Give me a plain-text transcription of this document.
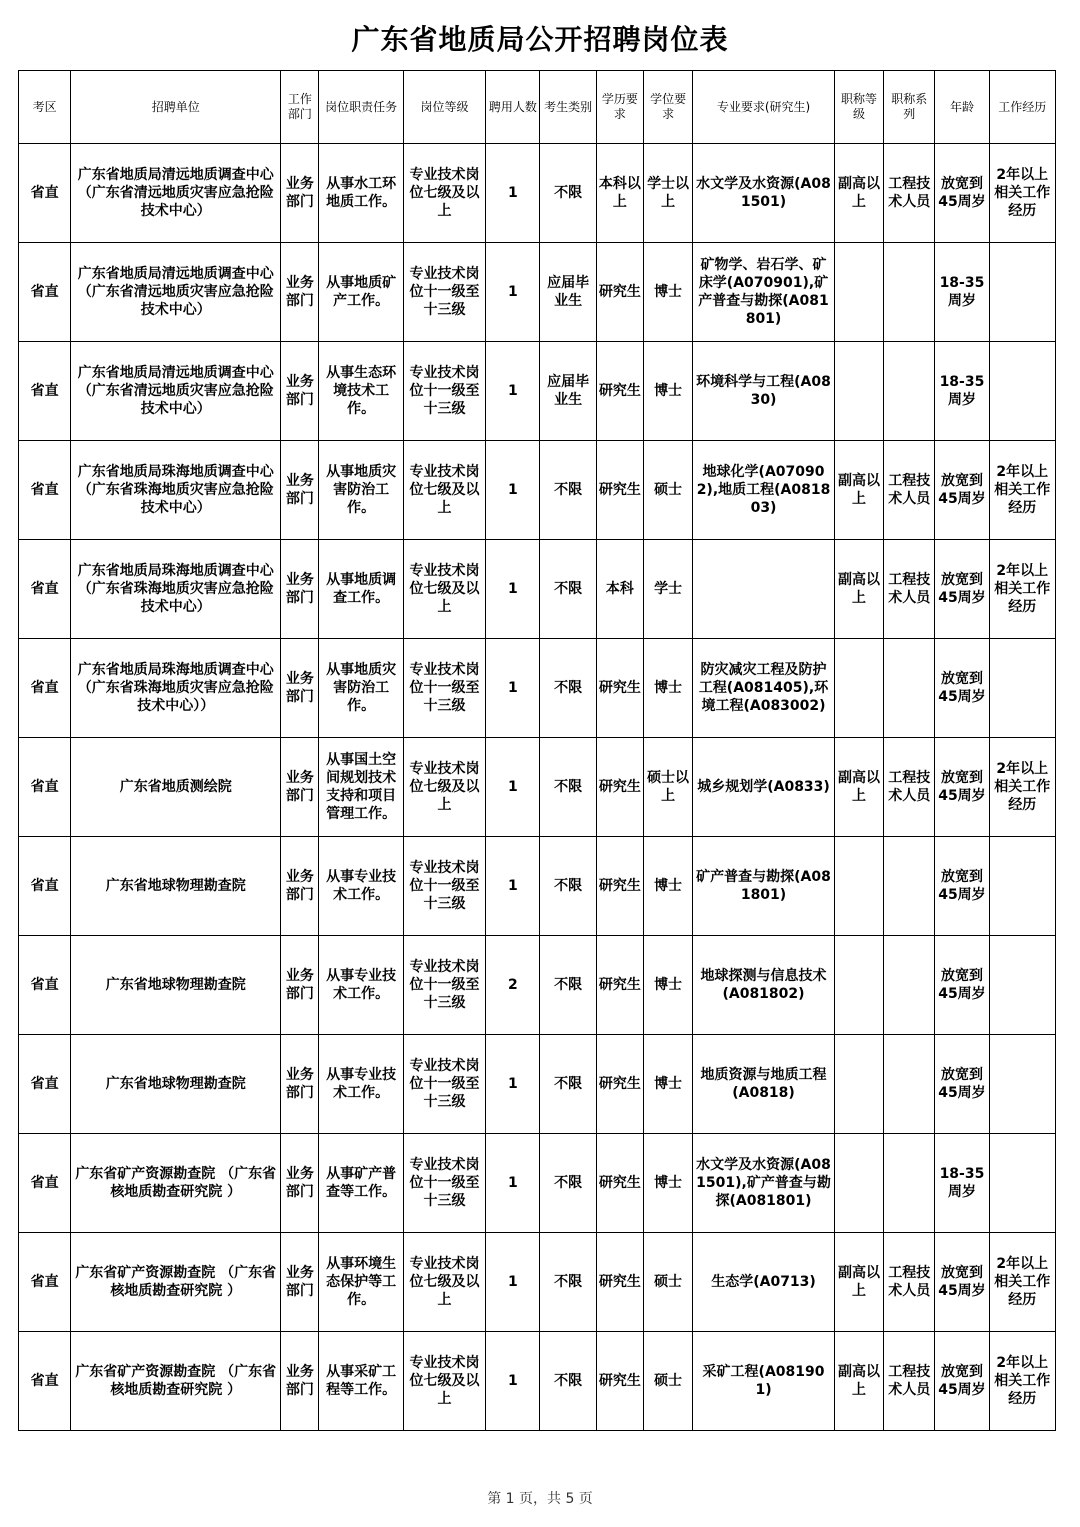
广东省地质局公开招聘岗位表
考区	招聘单位	工作部门	岗位职责任务	岗位等级	聘用人数	考生类别	学历要求	学位要求	专业要求(研究生)	职称等级	职称系列	年龄	工作经历
省直	广东省地质局清远地质调查中心（广东省清远地质灾害应急抢险技术中心）	业务部门	从事水工环地质工作。	专业技术岗位七级及以上	1	不限	本科以上	学士以上	水文学及水资源(A081501)	副高以上	工程技术人员	放宽到45周岁	2年以上相关工作经历
省直	广东省地质局清远地质调查中心（广东省清远地质灾害应急抢险技术中心）	业务部门	从事地质矿产工作。	专业技术岗位十一级至十三级	1	应届毕业生	研究生	博士	矿物学、岩石学、矿床学(A070901),矿产普查与勘探(A081801)			18-35周岁	
省直	广东省地质局清远地质调查中心（广东省清远地质灾害应急抢险技术中心）	业务部门	从事生态环境技术工作。	专业技术岗位十一级至十三级	1	应届毕业生	研究生	博士	环境科学与工程(A0830)			18-35周岁	
省直	广东省地质局珠海地质调查中心（广东省珠海地质灾害应急抢险技术中心）	业务部门	从事地质灾害防治工作。	专业技术岗位七级及以上	1	不限	研究生	硕士	地球化学(A070902),地质工程(A081803)	副高以上	工程技术人员	放宽到45周岁	2年以上相关工作经历
省直	广东省地质局珠海地质调查中心（广东省珠海地质灾害应急抢险技术中心）	业务部门	从事地质调查工作。	专业技术岗位七级及以上	1	不限	本科	学士		副高以上	工程技术人员	放宽到45周岁	2年以上相关工作经历
省直	广东省地质局珠海地质调查中心（广东省珠海地质灾害应急抢险技术中心））	业务部门	从事地质灾害防治工作。	专业技术岗位十一级至十三级	1	不限	研究生	博士	防灾减灾工程及防护工程(A081405),环境工程(A083002)			放宽到45周岁	
省直	广东省地质测绘院	业务部门	从事国土空间规划技术支持和项目管理工作。	专业技术岗位七级及以上	1	不限	研究生	硕士以上	城乡规划学(A0833)	副高以上	工程技术人员	放宽到45周岁	2年以上相关工作经历
省直	广东省地球物理勘查院	业务部门	从事专业技术工作。	专业技术岗位十一级至十三级	1	不限	研究生	博士	矿产普查与勘探(A081801)			放宽到45周岁	
省直	广东省地球物理勘查院	业务部门	从事专业技术工作。	专业技术岗位十一级至十三级	2	不限	研究生	博士	地球探测与信息技术(A081802)			放宽到45周岁	
省直	广东省地球物理勘查院	业务部门	从事专业技术工作。	专业技术岗位十一级至十三级	1	不限	研究生	博士	地质资源与地质工程(A0818)			放宽到45周岁	
省直	广东省矿产资源勘查院 （广东省核地质勘查研究院 ）	业务部门	从事矿产普查等工作。	专业技术岗位十一级至十三级	1	不限	研究生	博士	水文学及水资源(A081501),矿产普查与勘探(A081801)			18-35周岁	
省直	广东省矿产资源勘查院 （广东省核地质勘查研究院 ）	业务部门	从事环境生态保护等工作。	专业技术岗位七级及以上	1	不限	研究生	硕士	生态学(A0713)	副高以上	工程技术人员	放宽到45周岁	2年以上相关工作经历
省直	广东省矿产资源勘查院 （广东省核地质勘查研究院 ）	业务部门	从事采矿工程等工作。	专业技术岗位七级及以上	1	不限	研究生	硕士	采矿工程(A081901)	副高以上	工程技术人员	放宽到45周岁	2年以上相关工作经历
第 1 页，共 5 页
